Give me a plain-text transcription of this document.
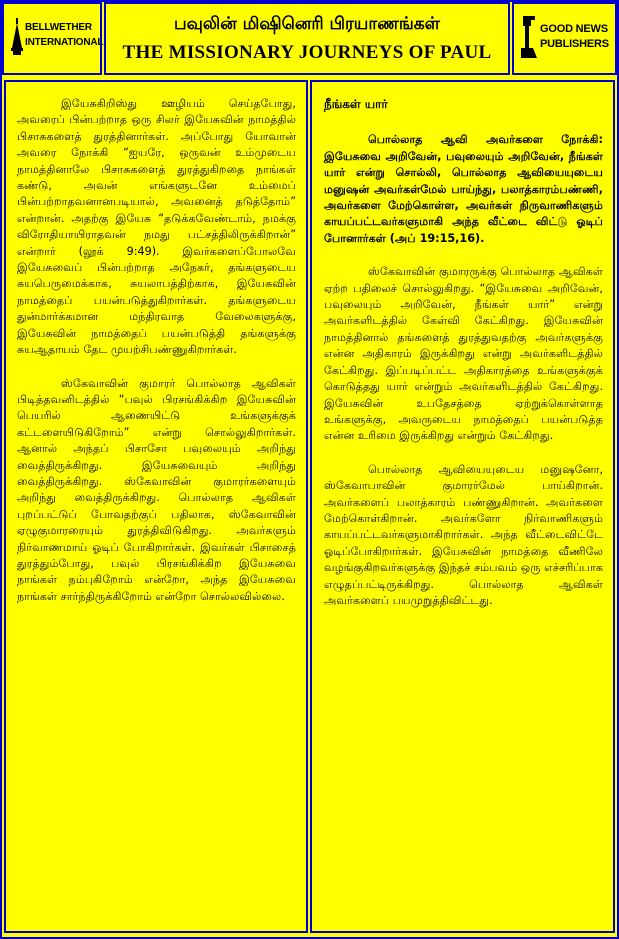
BELLWETHER
INTERNATIONAL
பவுலின் மிஷினெரி பிரயாணங்கள்
THE MISSIONARY JOURNEYS OF PAUL
GOOD NEWS
PUBLISHERS

இயேசுகிறிஸ்து ஊழியம் செய்தபோது, அவரைப் பின்பற்றாத ஒரு சிலர் இயேசுவின் நாமத்தில் பிசாசுகளைத் துரத்தினார்கள். அப்போது யோவான் அவரை நோக்கி “ஐயரே, ஒருவன் உம்முடைய நாமத்தினாலே பிசாசுகளைத் துரத்துகிறதை நாங்கள் கண்டு, அவன் எங்களுடனே உம்மைப் பின்பற்றாதவனானபடியால், அவனைத் தடுத்தோம்” என்றான். அதற்கு இயேசு “தடுக்கவேண்டாம், நமக்கு விரோதியாயிராதவன் நமது பட்சத்திலிருக்கிறான்” என்றார் (லூக் 9:49). இவர்களைப்போலவே இயேசுவைப் பின்பற்றாத அநேகர், தங்களுடைய சுயபெருமைக்காக, சுயலாபத்திற்காக, இயேசுவின் நாமத்தைப் பயன்படுத்துகிறார்கள். தங்களுடைய துன்மார்க்கமான மந்திரவாத வேலைகளுக்கு, இயேசுவின் நாமத்தைப் பயன்படுத்தி தங்களுக்கு சுயஆதாயம் தேட முயற்சிபண்ணுகிறார்கள்.

ஸ்கேவாவின் குமாரர் பொல்லாத ஆவிகள் பிடித்தவனிடத்தில் “பவுல் பிரசங்கிக்கிற இயேசுவின் பெயரில் ஆணையிட்டு உங்களுக்குக் கட்டளையிடுகிறோம்” என்று சொல்லுகிறார்கள். ஆனால் அந்தப் பிசாசோ பவுலையும் அறிந்து வைத்திருக்கிறது. இயேசுவையும் அறிந்து வைத்திருக்கிறது. ஸ்கேவாவின் குமாரர்களையும் அறிந்து வைத்திருக்கிறது. பொல்லாத ஆவிகள் புறப்பட்டுப் போவதற்குப் பதிலாக, ஸ்கேவாவின் ஏழுகுமாரரையும் துரத்திவிடுகிறது. அவர்களும் நிர்வாணமாய் ஓடிப் போகிறார்கள். இவர்கள் பிசாசைத் துரத்தும்போது, பவுல் பிரசங்கிக்கிற இயேசுவை நாங்கள் நம்புகிறோம் என்றோ, அந்த இயேசுவை நாங்கள் சார்ந்திருக்கிறோம் என்றோ சொல்லவில்லை.

நீங்கள் யார்

பொல்லாத ஆவி அவர்களை நோக்கி: இயேசுவை அறிவேன், பவுலையும் அறிவேன், நீங்கள் யார் என்று சொல்லி, பொல்லாத ஆவியையுடைய மனுஷன் அவர்கள்மேல் பாய்ந்து, பலாத்காரம்பண்ணி, அவர்களை மேற்கொள்ள, அவர்கள் நிருவாணிகளும் காயப்பட்டவர்களுமாகி அந்த வீட்டை விட்டு ஓடிப் போனார்கள் (அப் 19:15,16).

ஸ்கேவாவின் குமாரருக்கு பொல்லாத ஆவிகள் ஏற்ற பதிலைச் சொல்லுகிறது. “இயேசுவை அறிவேன், பவுலையும் அறிவேன், நீங்கள் யார்” என்று அவர்களிடத்தில் கேள்வி கேட்கிறது. இயேசுவின் நாமத்தினால் தங்களைத் துரத்துவதற்கு அவர்களுக்கு என்ன அதிகாரம் இருக்கிறது என்று அவர்களிடத்தில் கேட்கிறது. இப்படிப்பட்ட அதிகாரத்தை உங்களுக்குக் கொடுத்தது யார் என்றும் அவர்களிடத்தில் கேட்கிறது. இயேசுவின் உபதேசத்தை ஏற்றுக்கொள்ளாத உங்களுக்கு, அவருடைய நாமத்தைப் பயன்படுத்த என்ன உரிமை இருக்கிறது என்றும் கேட்கிறது.

பொல்லாத ஆவியையுடைய மனுஷனோ, ஸ்கேவாபாவின் குமாரர்மேல் பாய்கிறான். அவர்களைப் பலாத்காரம் பண்ணுகிறான். அவர்களை மேற்கொள்கிறான். அவர்களோ நிர்வாணிகளும் காயப்பட்டவர்களுமாகிறார்கள். அந்த வீட்டைவிட்டே ஓடிப்போகிறார்கள். இயேசுவின் நாமத்தை வீணிலே வழங்குகிறவர்களுக்கு இந்தச் சம்பவம் ஒரு எச்சரிப்பாக எழுதப்பட்டிருக்கிறது. பொல்லாத ஆவிகள் அவர்களைப் பயமுறுத்திவிட்டது.
